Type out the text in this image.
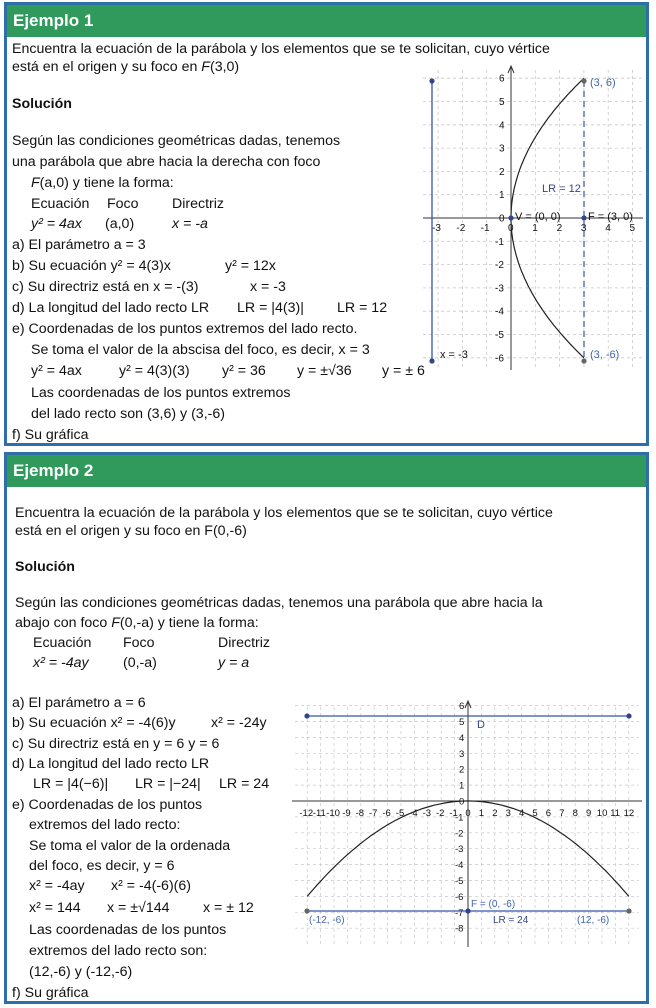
Ejemplo 1
Encuentra la ecuación de la parábola y los elementos que se te solicitan, cuyo vértice
está en el origen y su foco en F(3,0)
Solución
Según las condiciones geométricas dadas, tenemos
una parábola que abre hacia la derecha con foco
F(a,0) y tiene la forma:
Ecuación Foco Directriz
y² = 4ax (a,0)	x = -a
a) El parámetro a = 3
b) Su ecuación y² = 4(3)x	y² = 12x
c) Su directriz está en x = -(3)	x = -3
d) La longitud del lado recto LR LR = |4(3)| LR = 12
e) Coordenadas de los puntos extremos del lado recto.
Se toma el valor de la abscisa del foco, es decir, x = 3
y² = 4ax	y² = 4(3)(3) y² = 36 y = ±√36 y = ± 6
Las coordenadas de los puntos extremos
del lado recto son (3,6) y (3,-6)
f) Su gráfica
-3 -2 -1 0 1 2 3 4 5
6
5
4
3
2
1
0
-1
-2
-3
-4
-5
-6
(3, 6)
(3, -6)
LR = 12
V = (0, 0) F = (3, 0)
x = -3
Ejemplo 2
Encuentra la ecuación de la parábola y los elementos que se te solicitan, cuyo vértice
está en el origen y su foco en F(0,-6)
Solución
Según las condiciones geométricas dadas, tenemos una parábola que abre hacia la
abajo con foco F(0,-a) y tiene la forma:
Ecuación Foco	Directriz
x² = -4ay (0,-a)	y = a
a) El parámetro a = 6
b) Su ecuación x² = -4(6)y x² = -24y
c) Su directriz está en y = 6 y = 6
d) La longitud del lado recto LR
LR = |4(−6)| LR = |−24| LR = 24
e) Coordenadas de los puntos
extremos del lado recto:
Se toma el valor de la ordenada
del foco, es decir, y = 6
x² = -4ay x² = -4(-6)(6)
x² = 144 x = ±√144 x = ± 12
Las coordenadas de los puntos
extremos del lado recto son:
(12,-6) y (-12,-6)
f) Su gráfica
-12 -11 -10 -9 -8 -7 -6 -5 -4 -3 -2 -1 0 1 2 3 4 5 6 7 8 9 10 11 12
6
5
4
3
2
1
0
-1
-2
-3
-4
-5
-6
-7
-8
D
F = (0, -6)
LR = 24
(-12, -6)	(12, -6)
